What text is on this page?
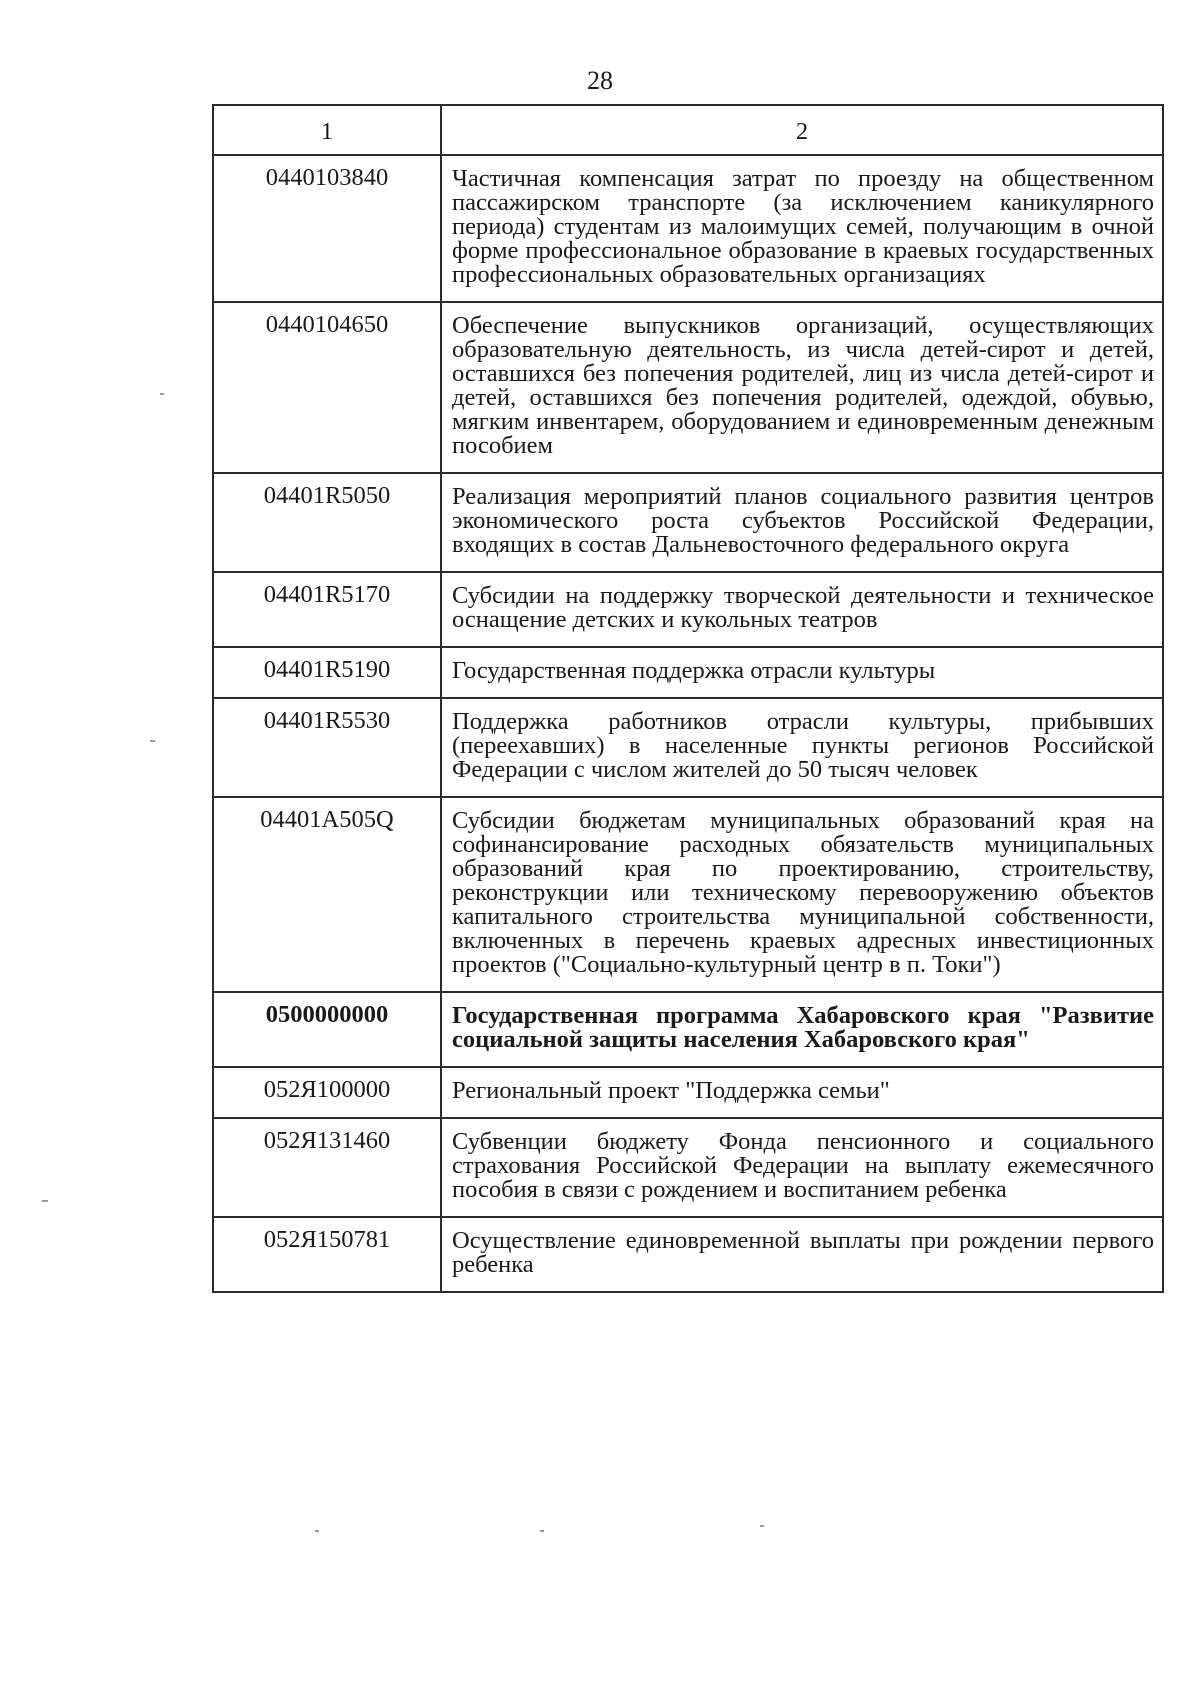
28
1	2
0440103840	Частичная компенсация затрат по проезду на общественном пассажирском транспорте (за исключением каникулярного периода) студентам из малоимущих семей, получающим в очной форме профессиональное образование в краевых государственных профессиональных образовательных организациях
0440104650	Обеспечение выпускников организаций, осуществляющих образовательную деятельность, из числа детей-сирот и детей, оставшихся без попечения родителей, лиц из числа детей-сирот и детей, оставшихся без попечения родителей, одеждой, обувью, мягким инвентарем, оборудованием и единовременным денежным пособием
04401R5050	Реализация мероприятий планов социального развития центров экономического роста субъектов Российской Федерации, входящих в состав Дальневосточного федерального округа
04401R5170	Субсидии на поддержку творческой деятельности и техническое оснащение детских и кукольных театров
04401R5190	Государственная поддержка отрасли культуры
04401R5530	Поддержка работников отрасли культуры, прибывших (переехавших) в населенные пункты регионов Российской Федерации с числом жителей до 50 тысяч человек
04401A505Q	Субсидии бюджетам муниципальных образований края на софинансирование расходных обязательств муниципальных образований края по проектированию, строительству, реконструкции или техническому перевооружению объектов капитального строительства муниципальной собственности, включенных в перечень краевых адресных инвестиционных проектов ("Социально-культурный центр в п. Токи")
0500000000	Государственная программа Хабаровского края "Развитие социальной защиты населения Хабаровского края"
052Я100000	Региональный проект "Поддержка семьи"
052Я131460	Субвенции бюджету Фонда пенсионного и социального страхования Российской Федерации на выплату ежемесячного пособия в связи с рождением и воспитанием ребенка
052Я150781	Осуществление единовременной выплаты при рождении первого ребенка
